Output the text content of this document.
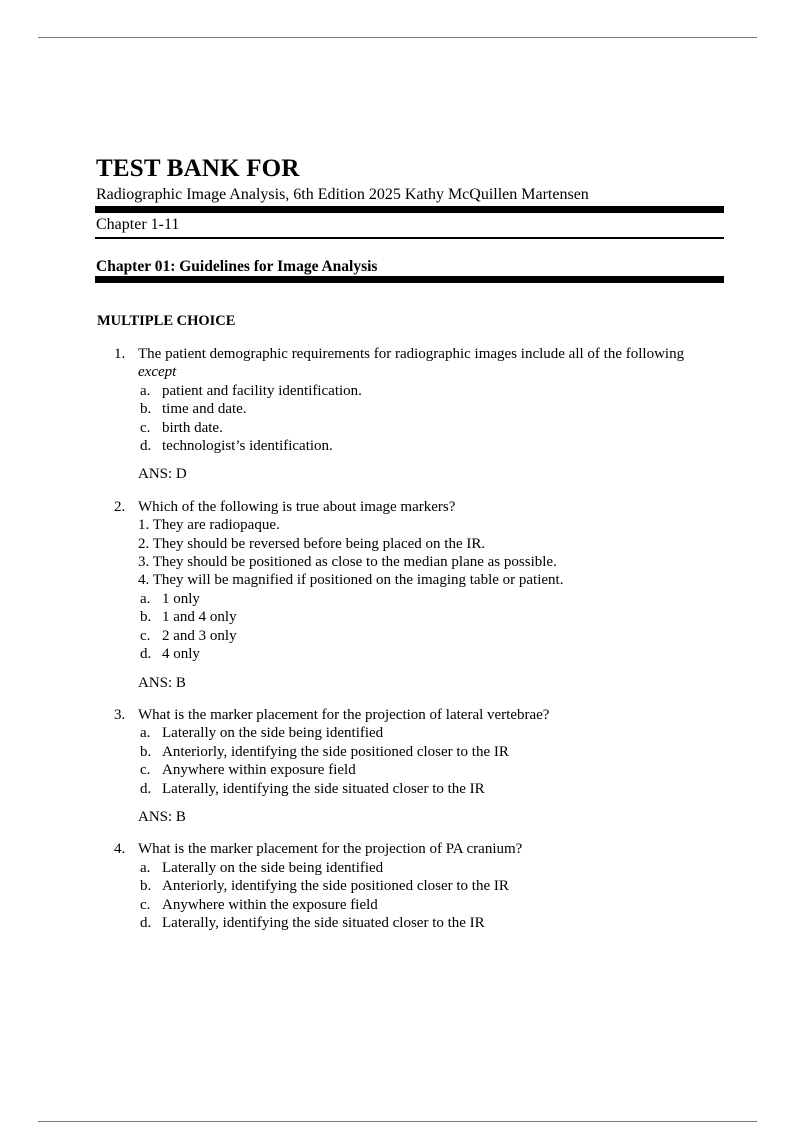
TEST BANK FOR
Radiographic Image Analysis, 6th Edition 2025 Kathy McQuillen Martensen
Chapter 1-11
Chapter 01: Guidelines for Image Analysis
MULTIPLE CHOICE
1. The patient demographic requirements for radiographic images include all of the following
except
a. patient and facility identification.
b. time and date.
c. birth date.
d. technologist’s identification.
ANS: D
2. Which of the following is true about image markers?
1. They are radiopaque.
2. They should be reversed before being placed on the IR.
3. They should be positioned as close to the median plane as possible.
4. They will be magnified if positioned on the imaging table or patient.
a. 1 only
b. 1 and 4 only
c. 2 and 3 only
d. 4 only
ANS: B
3. What is the marker placement for the projection of lateral vertebrae?
a. Laterally on the side being identified
b. Anteriorly, identifying the side positioned closer to the IR
c. Anywhere within exposure field
d. Laterally, identifying the side situated closer to the IR
ANS: B
4. What is the marker placement for the projection of PA cranium?
a. Laterally on the side being identified
b. Anteriorly, identifying the side positioned closer to the IR
c. Anywhere within the exposure field
d. Laterally, identifying the side situated closer to the IR
